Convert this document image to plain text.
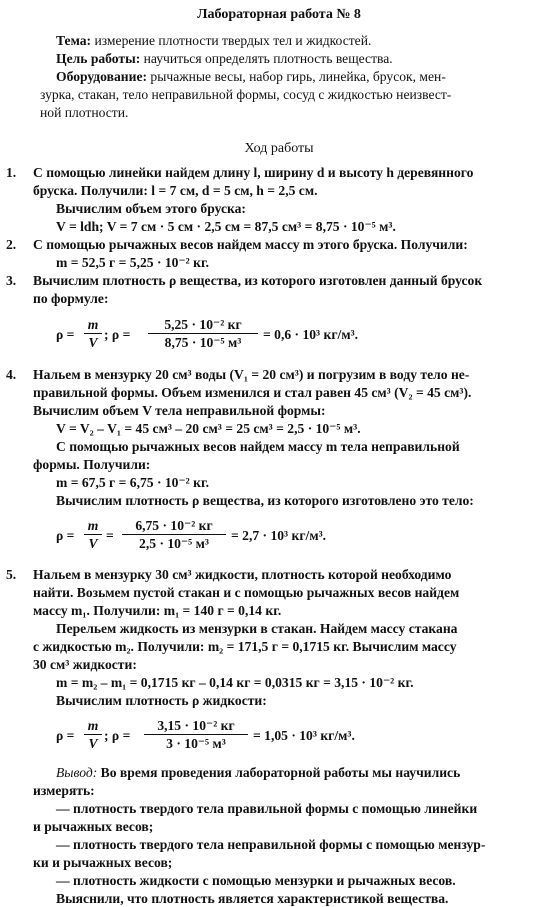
Лабораторная работа № 8
Тема: измерение плотности твердых тел и жидкостей.
Цель работы: научиться определять плотность вещества.
Оборудование: рычажные весы, набор гирь, линейка, брусок, мен-
зурка, стакан, тело неправильной формы, сосуд с жидкостью неизвест-
ной плотности.
Ход работы
1. С помощью линейки найдем длину l, ширину d и высоту h деревянного
бруска. Получили: l = 7 см, d = 5 см, h = 2,5 см.
Вычислим объем этого бруска:
V = ldh; V = 7 см · 5 см · 2,5 см = 87,5 см³ = 8,75 · 10⁻⁵ м³.
2. С помощью рычажных весов найдем массу m этого бруска. Получили:
m = 52,5 г = 5,25 · 10⁻² кг.
3. Вычислим плотность ρ вещества, из которого изготовлен данный брусок
по формуле:
$\rho = \frac{m}{V}$ ; ρ =
5,25 · 10⁻² кг
8,75 · 10⁻⁵ м³
= 0,6 · 10³ кг/м³.
4. Нальем в мензурку 20 см³ воды (V₁ = 20 см³) и погрузим в воду тело не-
правильной формы. Объем изменился и стал равен 45 см³ (V₂ = 45 см³).
Вычислим объем V тела неправильной формы:
V = V₂ – V₁ = 45 см³ – 20 см³ = 25 см³ = 2,5 · 10⁻⁵ м³.
С помощью рычажных весов найдем массу m тела неправильной
формы. Получили:
m = 67,5 г = 6,75 · 10⁻² кг.
Вычислим плотность ρ вещества, из которого изготовлено это тело:
$\rho = \frac{m}{V}$ =
6,75 · 10⁻² кг
2,5 · 10⁻⁵ м³
= 2,7 · 10³ кг/м³.
5. Нальем в мензурку 30 см³ жидкости, плотность которой необходимо
найти. Возьмем пустой стакан и с помощью рычажных весов найдем
массу m₁. Получили: m₁ = 140 г = 0,14 кг.
Перельем жидкость из мензурки в стакан. Найдем массу стакана
с жидкостью m₂. Получили: m₂ = 171,5 г = 0,1715 кг. Вычислим массу
30 см³ жидкости:
m = m₂ – m₁ = 0,1715 кг – 0,14 кг = 0,0315 кг = 3,15 · 10⁻² кг.
Вычислим плотность ρ жидкости:
$\rho = \frac{m}{V}$ ; ρ =
3,15 · 10⁻² кг
3 · 10⁻⁵ м³
= 1,05 · 10³ кг/м³.
Вывод: Во время проведения лабораторной работы мы научились
измерять:
— плотность твердого тела правильной формы с помощью линейки
и рычажных весов;
— плотность твердого тела неправильной формы с помощью мензур-
ки и рычажных весов;
— плотность жидкости с помощью мензурки и рычажных весов.
Выяснили, что плотность является характеристикой вещества.
